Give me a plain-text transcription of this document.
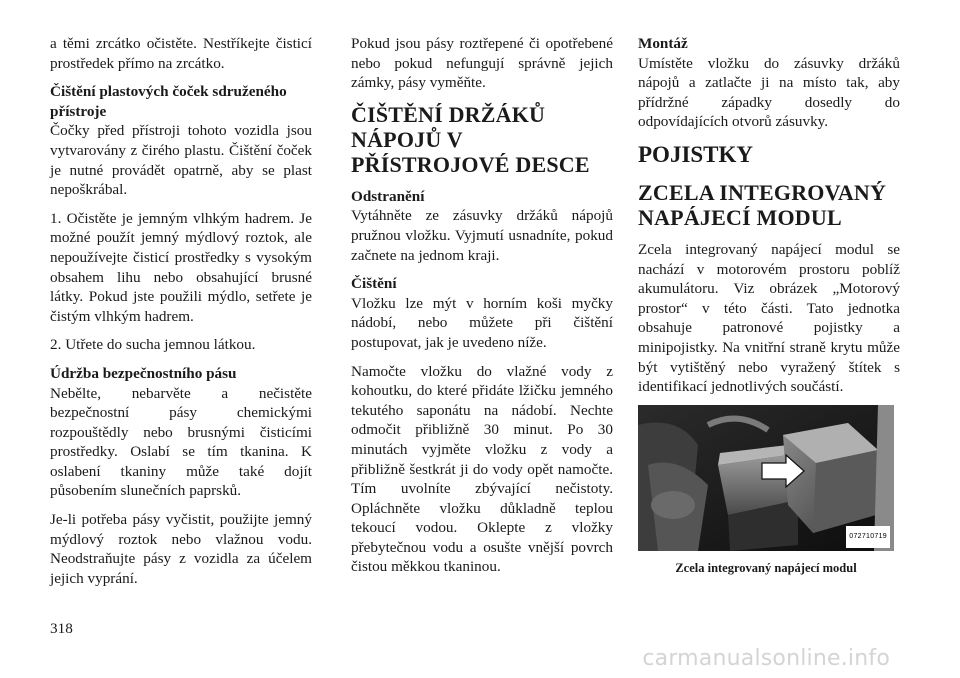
a těmi zrcátko očistěte. Nestříkejte čisticí prostředek přímo na zrcátko.

Čištění plastových čoček sdruženého přístroje

Čočky před přístroji tohoto vozidla jsou vytvarovány z čirého plastu. Čištění čoček je nutné provádět opatrně, aby se plast nepoškrábal.

1. Očistěte je jemným vlhkým hadrem. Je možné použít jemný mýdlový roztok, ale nepoužívejte čisticí prostředky s vysokým obsahem lihu nebo obsahující brusné látky. Pokud jste použili mýdlo, setřete je čistým vlhkým hadrem.

2. Utřete do sucha jemnou látkou.

Údržba bezpečnostního pásu

Nebělte, nebarvěte a nečistěte bezpečnostní pásy chemickými rozpouštědly nebo brusnými čisticími prostředky. Oslabí se tím tkanina. K oslabení tkaniny může také dojít působením slunečních paprsků.

Je-li potřeba pásy vyčistit, použijte jemný mýdlový roztok nebo vlažnou vodu. Neodstraňujte pásy z vozidla za účelem jejich vyprání.

Pokud jsou pásy roztřepené či opotřebené nebo pokud nefungují správně jejich zámky, pásy vyměňte.

ČIŠTĚNÍ DRŽÁKŮ NÁPOJŮ V PŘÍSTROJOVÉ DESCE
Odstranění

Vytáhněte ze zásuvky držáků nápojů pružnou vložku. Vyjmutí usnadníte, pokud začnete na jednom kraji.

Čištění

Vložku lze mýt v horním koši myčky nádobí, nebo můžete při čištění postupovat, jak je uvedeno níže.

Namočte vložku do vlažné vody z kohoutku, do které přidáte lžičku jemného tekutého saponátu na nádobí. Nechte odmočit přibližně 30 minut. Po 30 minutách vyjměte vložku z vody a přibližně šestkrát ji do vody opět namočte. Tím uvolníte zbývající nečistoty. Opláchněte vložku důkladně teplou tekoucí vodou. Oklepte z vložky přebytečnou vodu a osušte vnější povrch čistou měkkou tkaninou.

Montáž

Umístěte vložku do zásuvky držáků nápojů a zatlačte ji na místo tak, aby přídržné západky dosedly do odpovídajících otvorů zásuvky.

POJISTKY
ZCELA INTEGROVANÝ NAPÁJECÍ MODUL

Zcela integrovaný napájecí modul se nachází v motorovém prostoru poblíž akumulátoru. Viz obrázek „Motorový prostor“ v této části. Tato jednotka obsahuje patronové pojistky a minipojistky. Na vnitřní straně krytu může být vytištěný nebo vyražený štítek s identifikací jednotlivých součástí.

0727107​19
Zcela integrovaný napájecí modul
318
carmanualsonline.info
